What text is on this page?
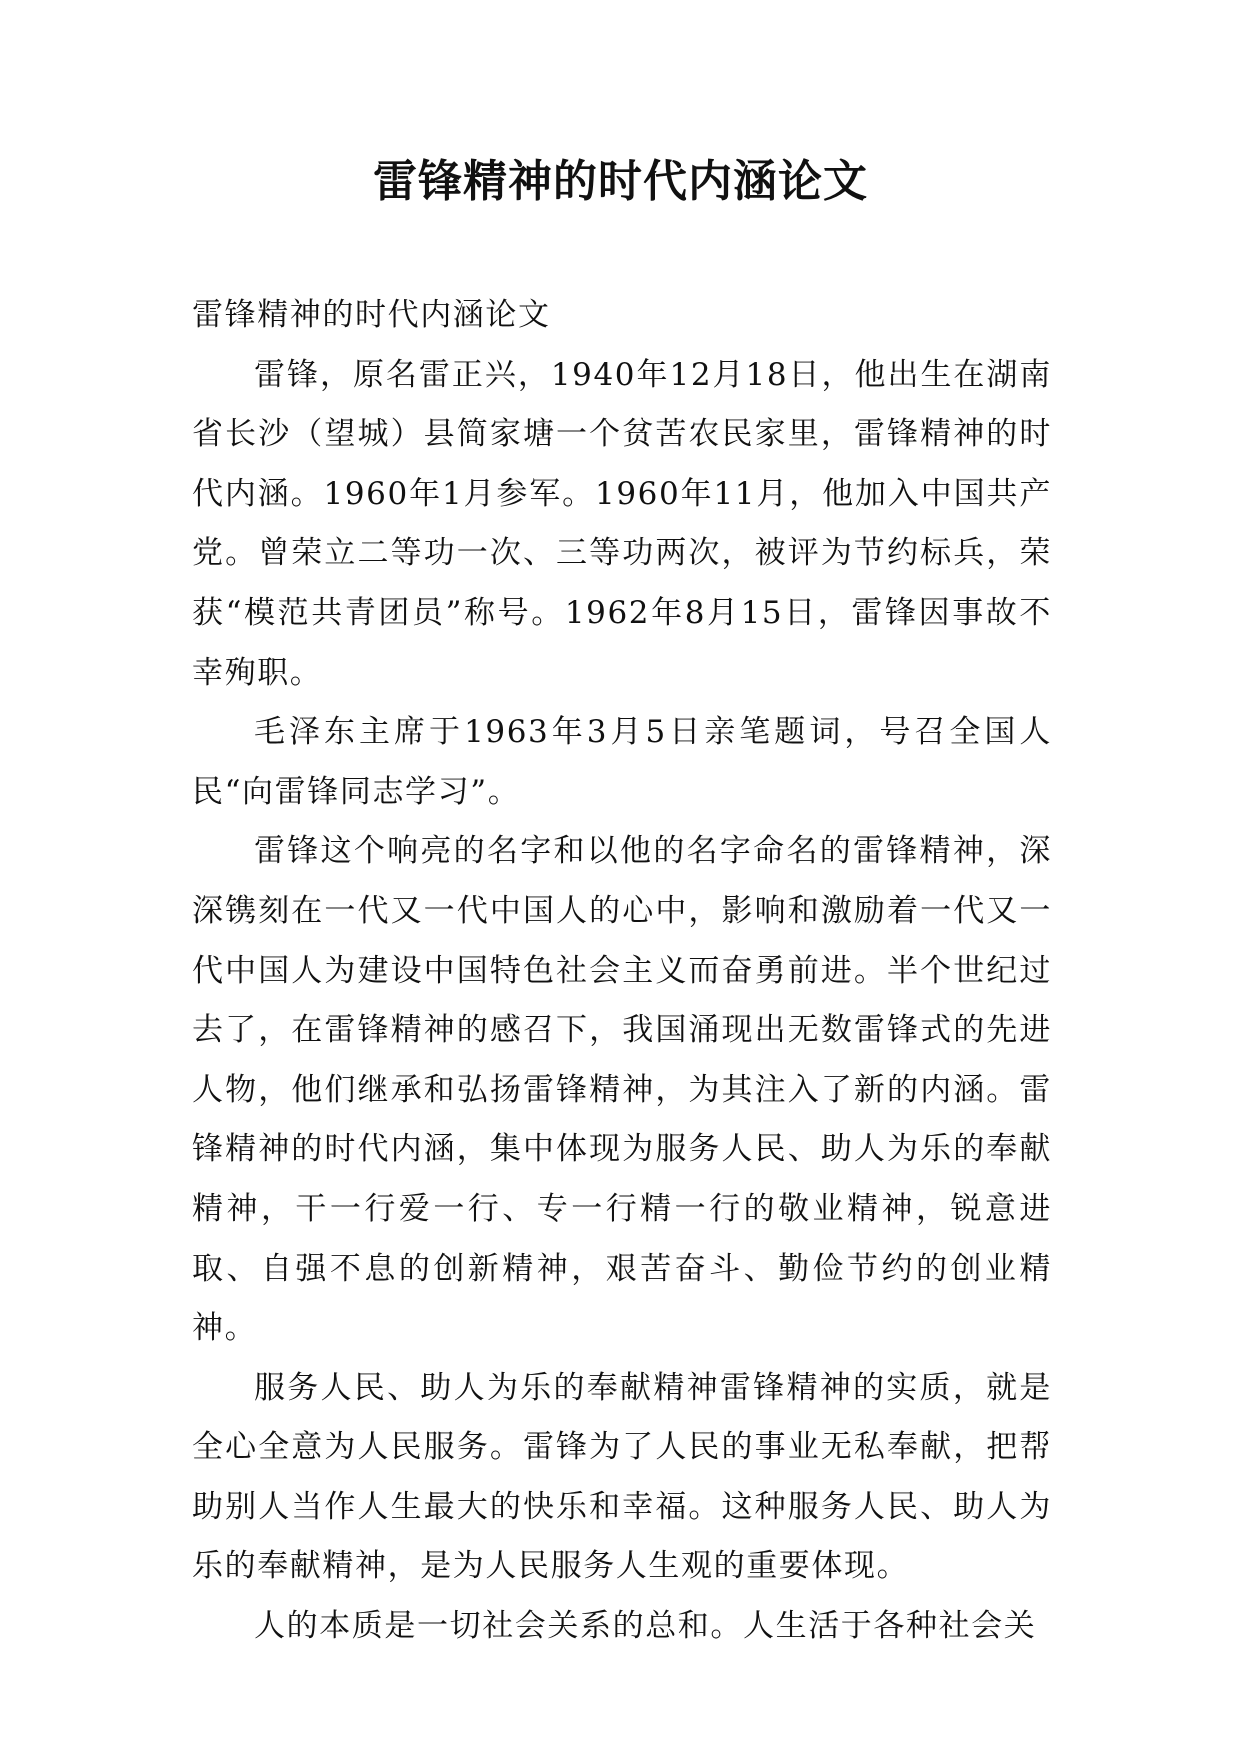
雷锋精神的时代内涵论文

雷锋精神的时代内涵论文

雷锋，原名雷正兴，1940年12月18日，他出生在湖南省长沙（望城）县简家塘一个贫苦农民家里，雷锋精神的时代内涵。1960年1月参军。1960年11月，他加入中国共产党。曾荣立二等功一次、三等功两次，被评为节约标兵，荣获“模范共青团员”称号。1962年8月15日，雷锋因事故不幸殉职。

毛泽东主席于1963年3月5日亲笔题词，号召全国人民“向雷锋同志学习”。

雷锋这个响亮的名字和以他的名字命名的雷锋精神，深深镌刻在一代又一代中国人的心中，影响和激励着一代又一代中国人为建设中国特色社会主义而奋勇前进。半个世纪过去了，在雷锋精神的感召下，我国涌现出无数雷锋式的先进人物，他们继承和弘扬雷锋精神，为其注入了新的内涵。雷锋精神的时代内涵，集中体现为服务人民、助人为乐的奉献精神，干一行爱一行、专一行精一行的敬业精神，锐意进取、自强不息的创新精神，艰苦奋斗、勤俭节约的创业精神。

服务人民、助人为乐的奉献精神雷锋精神的实质，就是全心全意为人民服务。雷锋为了人民的事业无私奉献，把帮助别人当作人生最大的快乐和幸福。这种服务人民、助人为乐的奉献精神，是为人民服务人生观的重要体现。

人的本质是一切社会关系的总和。人生活于各种社会关
